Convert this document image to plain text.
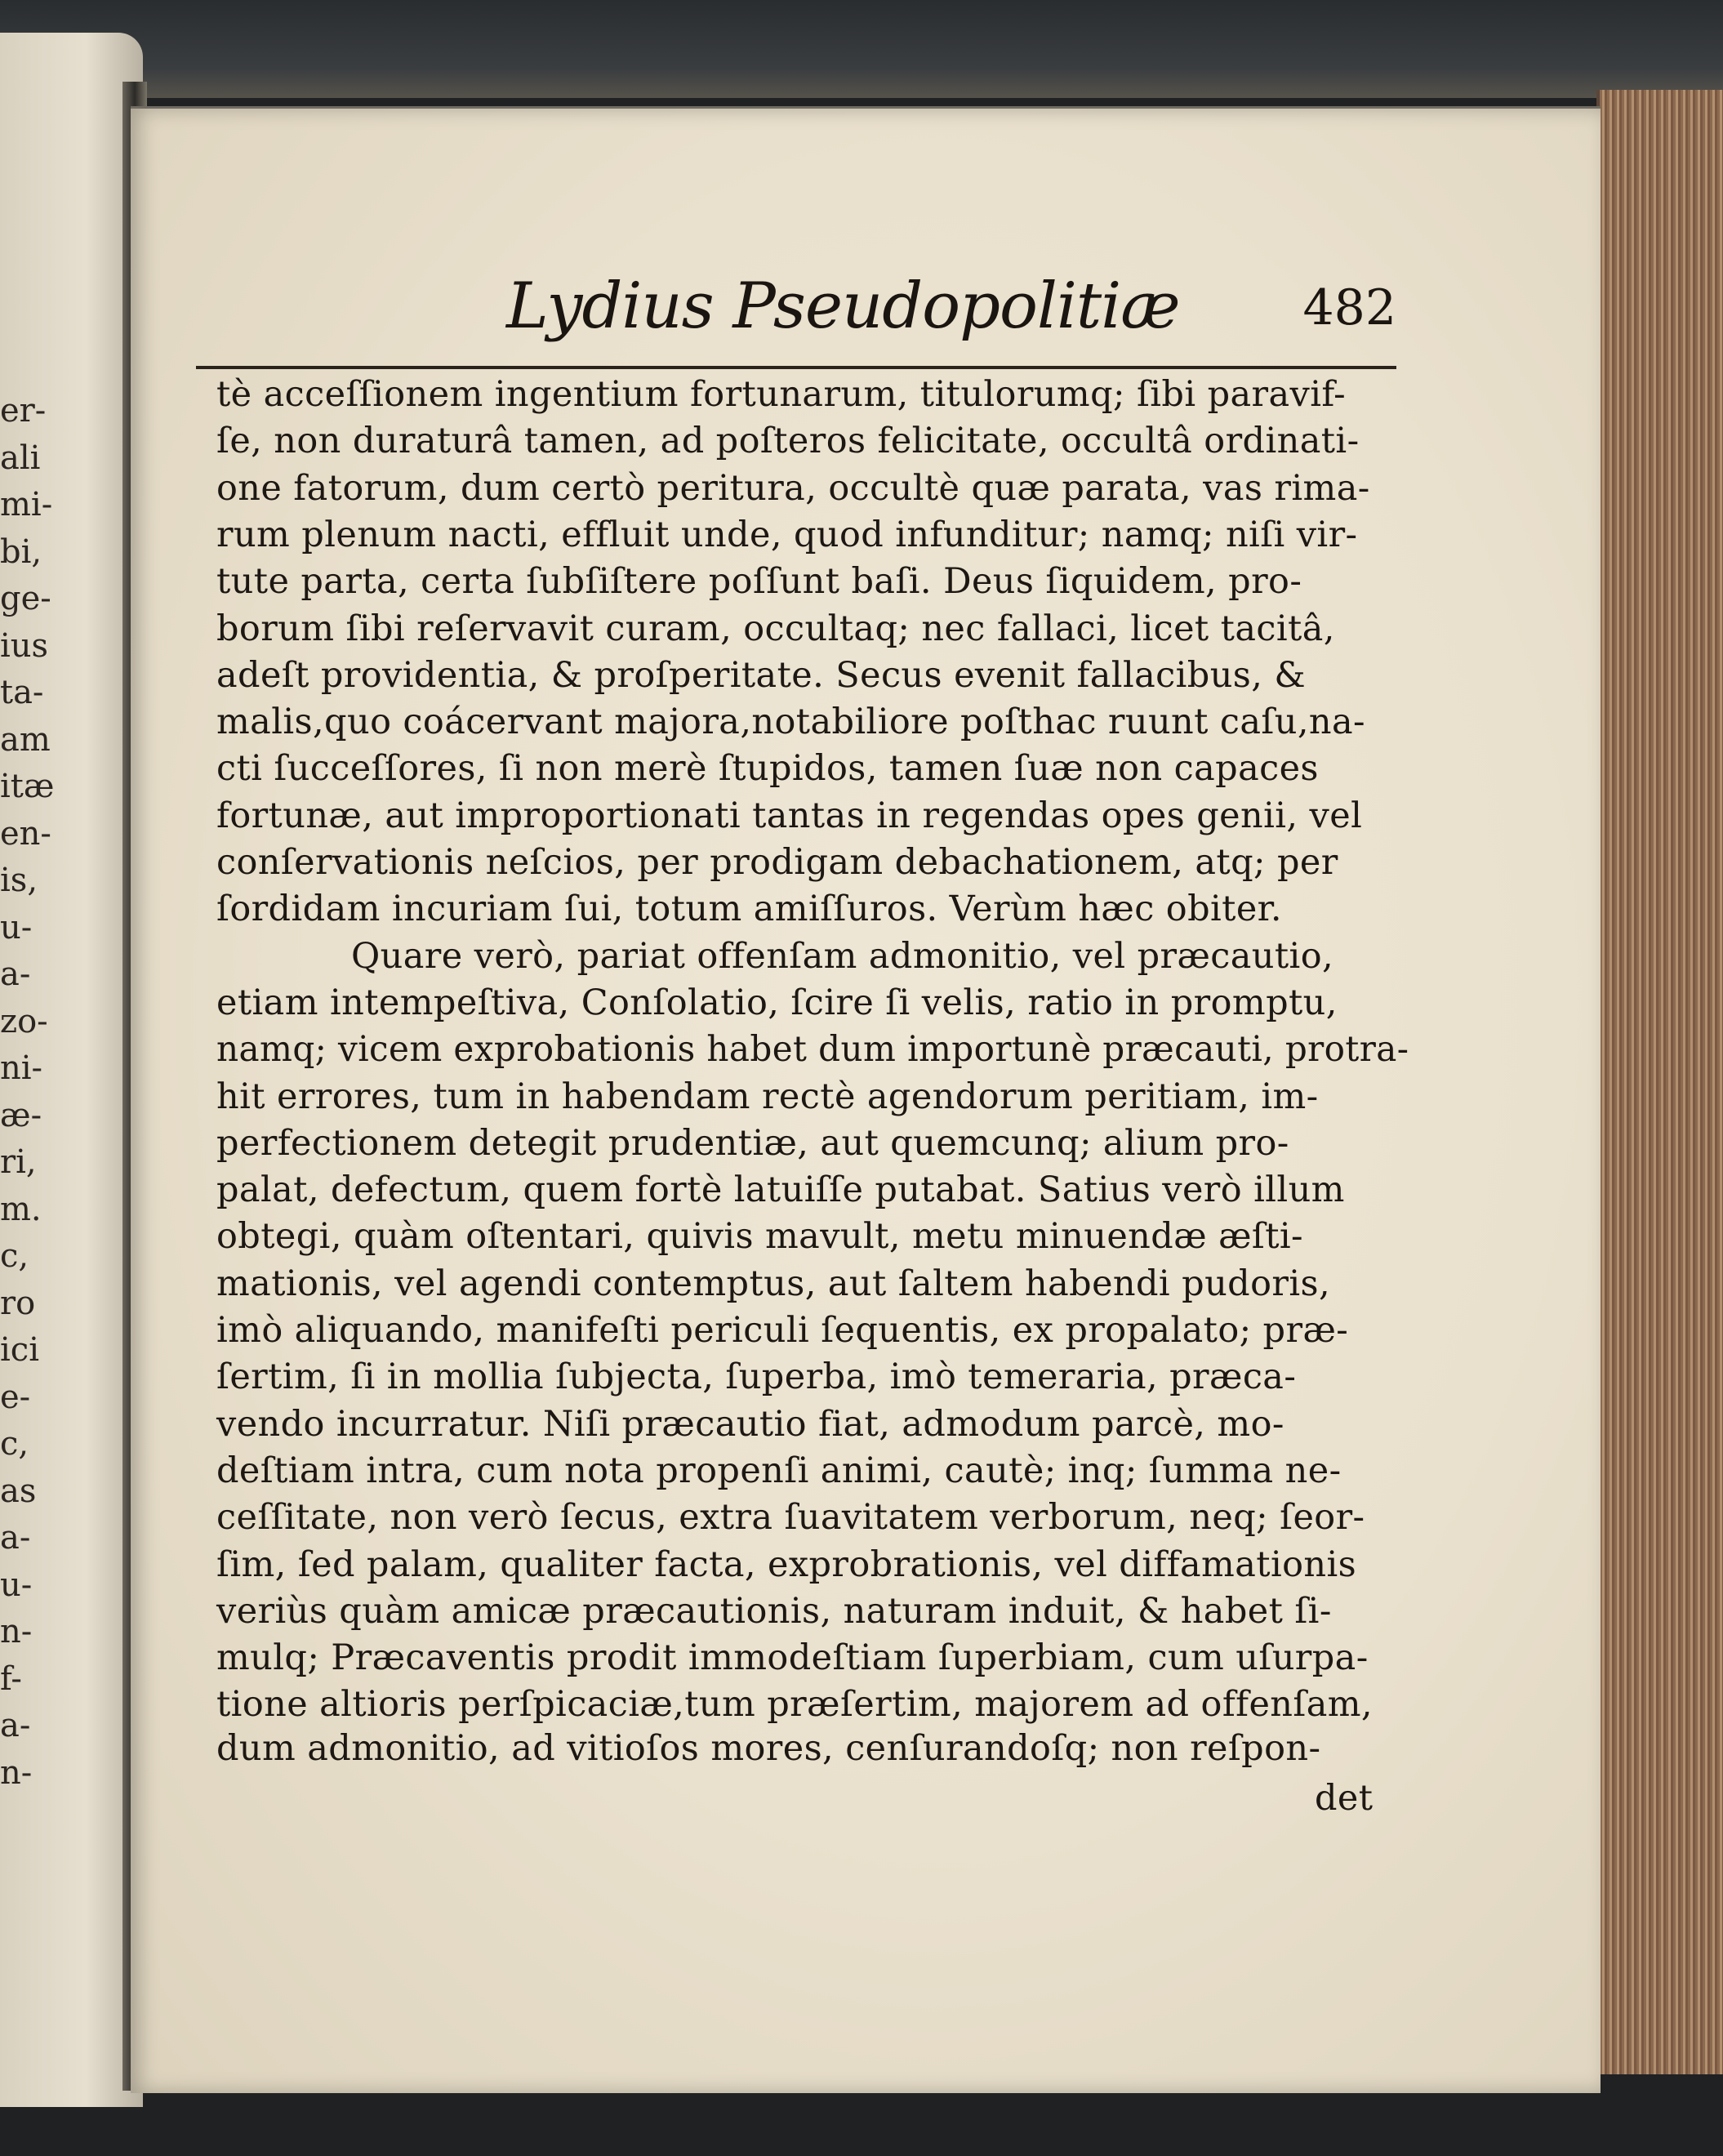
er-
ali
mi-
bi,
ge-
ius
ta-
am
itæ
en-
is,
u-
a-
zo-
ni-
æ-
ri,
m.
c,
ro
ici
e-
c,
as
a-
u-
n-
f-
a-
n-
Lydius Pseudopolitiæ	482
tè acceſſionem ingentium fortunarum, titulorumq; ſibi paravif-
ſe, non duraturâ tamen, ad poſteros felicitate, occultâ ordinati-
one fatorum, dum certò peritura, occultè quæ parata, vas rima-
rum plenum nacti, effluit unde, quod infunditur; namq; niſi vir-
tute parta, certa ſubſiſtere poſſunt baſi. Deus ſiquidem, pro-
borum ſibi reſervavit curam, occultaq; nec fallaci, licet tacitâ,
adeſt providentia, & proſperitate. Secus evenit fallacibus, &
malis,quo coácervant majora,notabiliore poſthac ruunt caſu,na-
cti ſucceſſores, ſi non merè ſtupidos, tamen ſuæ non capaces
fortunæ, aut improportionati tantas in regendas opes genii, vel
conſervationis neſcios, per prodigam debachationem, atq; per
ſordidam incuriam ſui, totum amiſſuros. Verùm hæc obiter.
Quare verò, pariat offenſam admonitio, vel præcautio,
etiam intempeſtiva, Conſolatio, ſcire ſi velis, ratio in promptu,
namq; vicem exprobationis habet dum importunè præcauti, protra-
hit errores, tum in habendam rectè agendorum peritiam, im-
perfectionem detegit prudentiæ, aut quemcunq; alium pro-
palat, defectum, quem fortè latuiſſe putabat. Satius verò illum
obtegi, quàm oſtentari, quivis mavult, metu minuendæ æſti-
mationis, vel agendi contemptus, aut ſaltem habendi pudoris,
imò aliquando, manifeſti periculi ſequentis, ex propalato; præ-
ſertim, ſi in mollia ſubjecta, ſuperba, imò temeraria, præca-
vendo incurratur. Niſi præcautio fiat, admodum parcè, mo-
deſtiam intra, cum nota propenſi animi, cautè; inq; ſumma ne-
ceſſitate, non verò ſecus, extra ſuavitatem verborum, neq; ſeor-
ſim, ſed palam, qualiter facta, exprobrationis, vel diffamationis
veriùs quàm amicæ præcautionis, naturam induit, & habet ſi-
mulq; Præcaventis prodit immodeſtiam ſuperbiam, cum uſurpa-
tione altioris perſpicaciæ,tum præſertim, majorem ad offenſam,
dum admonitio, ad vitioſos mores, cenſurandoſq; non reſpon-
det
